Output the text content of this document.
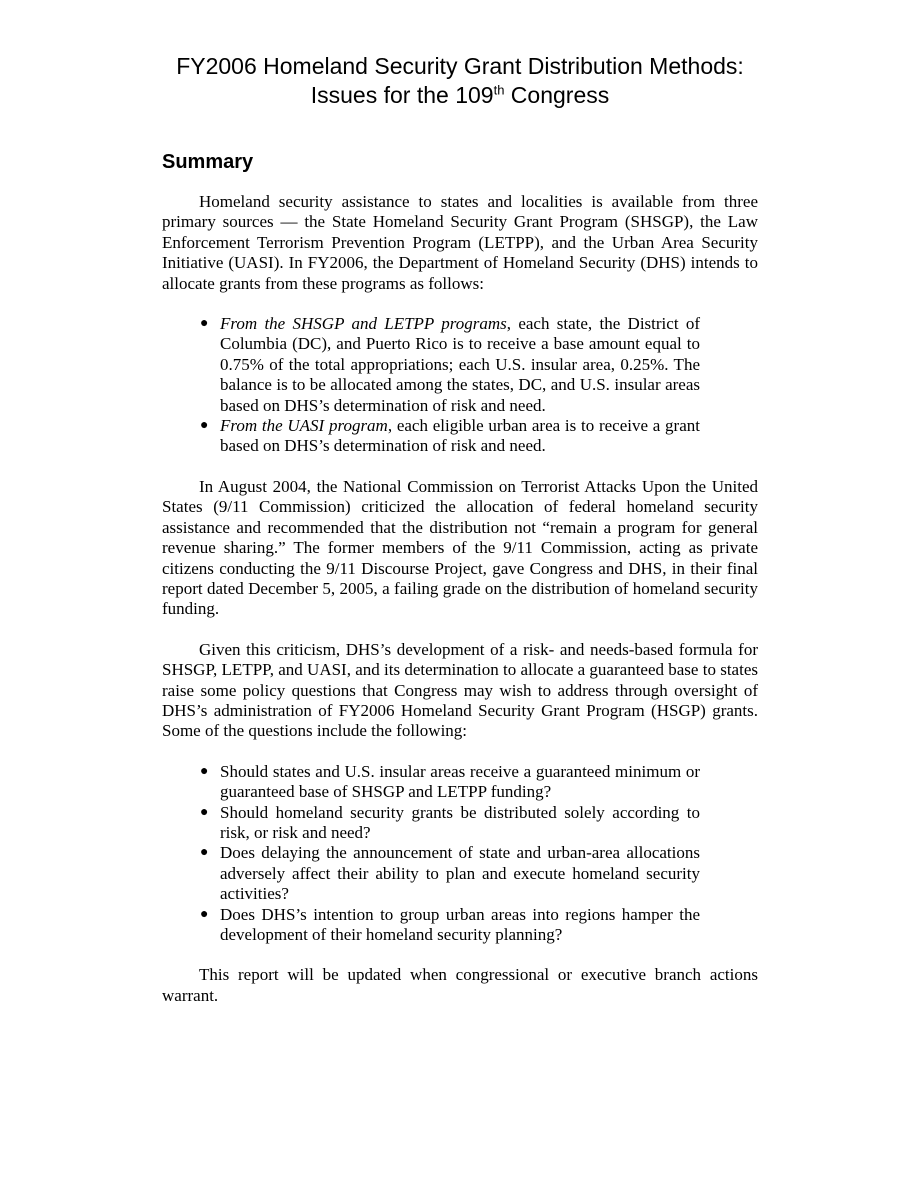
FY2006 Homeland Security Grant Distribution Methods:
Issues for the 109th Congress
Summary

Homeland security assistance to states and localities is available from three primary sources — the State Homeland Security Grant Program (SHSGP), the Law Enforcement Terrorism Prevention Program (LETPP), and the Urban Area Security Initiative (UASI). In FY2006, the Department of Homeland Security (DHS) intends to allocate grants from these programs as follows:

● From the SHSGP and LETPP programs, each state, the District of Columbia (DC), and Puerto Rico is to receive a base amount equal to 0.75% of the total appropriations; each U.S. insular area, 0.25%. The balance is to be allocated among the states, DC, and U.S. insular areas based on DHS’s determination of risk and need.
● From the UASI program, each eligible urban area is to receive a grant based on DHS’s determination of risk and need.

In August 2004, the National Commission on Terrorist Attacks Upon the United States (9/11 Commission) criticized the allocation of federal homeland security assistance and recommended that the distribution not “remain a program for general revenue sharing.” The former members of the 9/11 Commission, acting as private citizens conducting the 9/11 Discourse Project, gave Congress and DHS, in their final report dated December 5, 2005, a failing grade on the distribution of homeland security funding.

Given this criticism, DHS’s development of a risk- and needs-based formula for SHSGP, LETPP, and UASI, and its determination to allocate a guaranteed base to states raise some policy questions that Congress may wish to address through oversight of DHS’s administration of FY2006 Homeland Security Grant Program (HSGP) grants. Some of the questions include the following:

● Should states and U.S. insular areas receive a guaranteed minimum or guaranteed base of SHSGP and LETPP funding?
● Should homeland security grants be distributed solely according to risk, or risk and need?
● Does delaying the announcement of state and urban-area allocations adversely affect their ability to plan and execute homeland security activities?
● Does DHS’s intention to group urban areas into regions hamper the development of their homeland security planning?

This report will be updated when congressional or executive branch actions warrant.
